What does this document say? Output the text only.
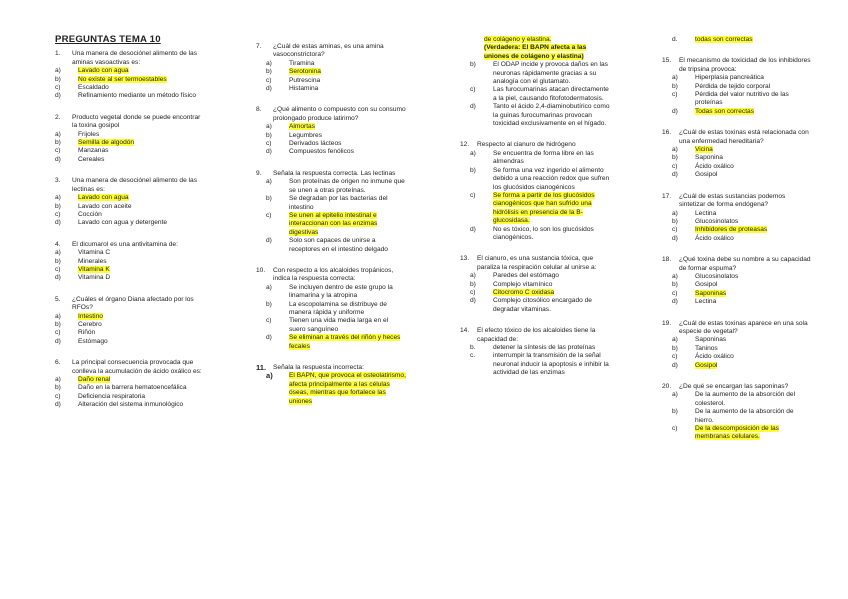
PREGUNTAS TEMA 10
1.	Una manera de desociónel alimento de las aminas vasoactivas es:
a)	Lavado con agua
b)	No existe al ser termoestables
c)	Escaldado
d)	Refinamiento mediante un método físico
2.	Producto vegetal donde se puede encontrar la toxina gosipol
a)	Frijoles
b)	Semilla de algodón
c)	Manzanas
d)	Cereales
3.	Una manera de desociónel alimento de las lectinas es:
a)	Lavado con agua
b)	Lavado con aceite
c)	Cocción
d)	Lavado con agua y detergente
4.	El dicumarol es una antivitamina de:
a)	Vitamina C
b)	Minerales
c)	Vitamina K
d)	Vitamina D
5.	¿Cuáles el órgano Diana afectado por los RFOs?
a)	Intestino
b)	Cerebro
c)	Riñón
d)	Estómago
6.	La principal consecuencia provocada que conlleva la acumulación de ácido oxálico es:
a)	Daño renal
b)	Daño en la barrera hematoencefálica
c)	Deficiencia respiratoria
d)	Alteración del sistema inmunológico
7.	¿Cuál de estas aminas, es una amina vasoconstrictora?
a)	Tiramina
b)	Serotonina
c)	Putrescina
d)	Histamina
8.	¿Qué alimento o compuesto con su consumo prolongado produce latirimo?
a)	Almortas
b)	Legumbres
c)	Derivados lácteos
d)	Compuestos fenólicos
9.	Señala la respuesta correcta. Las lectinas
a)	Son proteínas de origen no inmune que se unen a otras proteínas.
b)	Se degradan por las bacterias del intestino
c)	Se unen al epitelio intestinal e interaccionan con las enzimas digestivas
d)	Solo son capaces de unirse a receptores en el intestino delgado
10.	Con respecto a los alcaloides tropánicos, indica la respuesta correcta:
a)	Se incluyen dentro de este grupo la linamarina y la atropina
b)	La escopolamina se distribuye de manera rápida y uniforme
c)	Tienen una vida media larga en el suero sanguíneo
d)	Se eliminan a través del riñón y heces fecales
11.	Señala la respuesta incorrecta:
a)	El BAPN, que provoca el osteolatirismo, afecta principalmente a las células óseas, mientras que fortalece las uniones
de colágeno y elastina.
(Verdadera: El BAPN afecta a las uniones de colágeno y elastina)
b)	El ODAP incide y provoca daños en las neuronas rápidamente gracias a su analogía con el glutamato.
c)	Las furocumarinas atacan directamente a la piel, causando fitofotodermatosis.
d)	Tanto el ácido 2,4-diaminobutírico como la guinas furocumarinas provocan toxicidad exclusivamente en el hígado.
12.	Respecto al cianuro de hidrógeno
a)	Se encuentra de forma libre en las almendras
b)	Se forma una vez ingerido el alimento debido a una reacción redox que sufren los glucósidos cianogénicos
c)	Se forma a partir de los glucósidos cianogénicos que han sufrido una hidrólisis en presencia de la B-glucosidasa.
d)	No es tóxico, lo son los glucósidos cianogénicos.
13.	El cianuro, es una sustancia tóxica, que paraliza la respiración celular al unirse a:
a)	Paredes del estómago
b)	Complejo vitamínico
c)	Citocromo C oxidasa
d)	Complejo citosólico encargado de degradar vitaminas.
14.	El efecto tóxico de los alcaloides tiene la capacidad de:
b.	detener la síntesis de las proteínas
c.	interrumpir la transmisión de la señal neuronal inducir la apoptosis e inhibir la actividad de las enzimas
d.	todas son correctas
15.	El mecanismo de toxicidad de los inhibidores de tripsina provoca:
a)	Hiperplasia pancreática
b)	Pérdida de tejido corporal
c)	Pérdida del valor nutritivo de las proteínas
d)	Todas son correctas
16.	¿Cuál de estas toxinas está relacionada con una enfermedad hereditaria?
a)	Vicina
b)	Saponina
c)	Ácido oxálico
d)	Gosipol
17.	¿Cuál de estas sustancias podemos sintetizar de forma endógena?
a)	Lectina
b)	Glucosinolatos
c)	Inhibidores de proteasas
d)	Ácido oxálico
18.	¿Qué toxina debe su nombre a su capacidad de formar espuma?
a)	Glucosinolatos
b)	Gosipol
c)	Saponinas
d)	Lectina
19.	¿Cuál de estas toxinas aparece en una sola especie de vegetal?
a)	Saponinas
b)	Taninos
c)	Ácido oxálico
d)	Gosipol
20.	¿De qué se encargan las saponinas?
a)	De la aumento de la absorción del colesterol.
b)	De la aumento de la absorción de hierro.
c)	De la descomposición de las membranas celulares.
